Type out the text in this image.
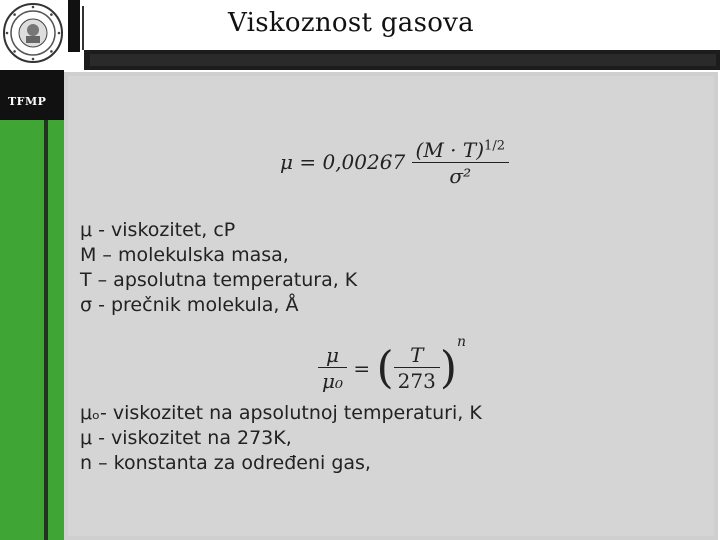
Viskoznost gasova
TFMP
$\mu = 0,00267 \frac{(M \cdot T)^{1/2}}{\text{σ²}}$
μ - viskozitet, cP
M – molekulska masa,
T – apsolutna temperatura, K
σ - prečnik molekula, Å
$\frac{\mu}{\text{μ₀}}$ = ( $\frac{T}{273} )^n$
μₒ- viskozitet na apsolutnoj temperaturi, K
μ - viskozitet na 273K,
n – konstanta za određeni gas,
